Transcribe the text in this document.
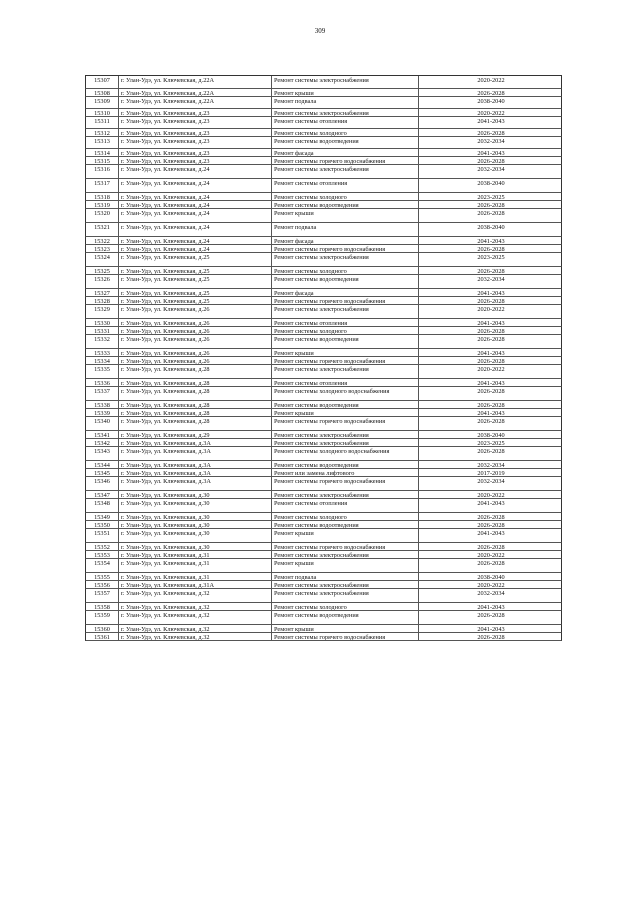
309
15307	г. Улан-Удэ, ул. Ключевская, д.22А	Ремонт системы электроснабжения	2020-2022
15308	г. Улан-Удэ, ул. Ключевская, д.22А	Ремонт крыши	2026-2028
15309	г. Улан-Удэ, ул. Ключевская, д.22А	Ремонт подвала	2038-2040
15310	г. Улан-Удэ, ул. Ключевская, д.23	Ремонт системы электроснабжения	2020-2022
15311	г. Улан-Удэ, ул. Ключевская, д.23	Ремонт системы отопления	2041-2043
15312	г. Улан-Удэ, ул. Ключевская, д.23	Ремонт системы холодного	2026-2028
15313	г. Улан-Удэ, ул. Ключевская, д.23	Ремонт системы водоотведения	2032-2034
15314	г. Улан-Удэ, ул. Ключевская, д.23	Ремонт фасада	2041-2043
15315	г. Улан-Удэ, ул. Ключевская, д.23	Ремонт системы горячего водоснабжения	2026-2028
15316	г. Улан-Удэ, ул. Ключевская, д.24	Ремонт системы электроснабжения	2032-2034
15317	г. Улан-Удэ, ул. Ключевская, д.24	Ремонт системы отопления	2038-2040
15318	г. Улан-Удэ, ул. Ключевская, д.24	Ремонт системы холодного	2023-2025
15319	г. Улан-Удэ, ул. Ключевская, д.24	Ремонт системы водоотведения	2026-2028
15320	г. Улан-Удэ, ул. Ключевская, д.24	Ремонт крыши	2026-2028
15321	г. Улан-Удэ, ул. Ключевская, д.24	Ремонт подвала	2038-2040
15322	г. Улан-Удэ, ул. Ключевская, д.24	Ремонт фасада	2041-2043
15323	г. Улан-Удэ, ул. Ключевская, д.24	Ремонт системы горячего водоснабжения	2026-2028
15324	г. Улан-Удэ, ул. Ключевская, д.25	Ремонт системы электроснабжения	2023-2025
15325	г. Улан-Удэ, ул. Ключевская, д.25	Ремонт системы холодного	2026-2028
15326	г. Улан-Удэ, ул. Ключевская, д.25	Ремонт системы водоотведения	2032-2034
15327	г. Улан-Удэ, ул. Ключевская, д.25	Ремонт фасада	2041-2043
15328	г. Улан-Удэ, ул. Ключевская, д.25	Ремонт системы горячего водоснабжения	2026-2028
15329	г. Улан-Удэ, ул. Ключевская, д.26	Ремонт системы электроснабжения	2020-2022
15330	г. Улан-Удэ, ул. Ключевская, д.26	Ремонт системы отопления	2041-2043
15331	г. Улан-Удэ, ул. Ключевская, д.26	Ремонт системы холодного	2026-2028
15332	г. Улан-Удэ, ул. Ключевская, д.26	Ремонт системы водоотведения	2026-2028
15333	г. Улан-Удэ, ул. Ключевская, д.26	Ремонт крыши	2041-2043
15334	г. Улан-Удэ, ул. Ключевская, д.26	Ремонт системы горячего водоснабжения	2026-2028
15335	г. Улан-Удэ, ул. Ключевская, д.28	Ремонт системы электроснабжения	2020-2022
15336	г. Улан-Удэ, ул. Ключевская, д.28	Ремонт системы отопления	2041-2043
15337	г. Улан-Удэ, ул. Ключевская, д.28	Ремонт системы холодного водоснабжения	2026-2028
15338	г. Улан-Удэ, ул. Ключевская, д.28	Ремонт системы водоотведения	2026-2028
15339	г. Улан-Удэ, ул. Ключевская, д.28	Ремонт крыши	2041-2043
15340	г. Улан-Удэ, ул. Ключевская, д.28	Ремонт системы горячего водоснабжения	2026-2028
15341	г. Улан-Удэ, ул. Ключевская, д.29	Ремонт системы электроснабжения	2038-2040
15342	г. Улан-Удэ, ул. Ключевская, д.3А	Ремонт системы электроснабжения	2023-2025
15343	г. Улан-Удэ, ул. Ключевская, д.3А	Ремонт системы холодного водоснабжения	2026-2028
15344	г. Улан-Удэ, ул. Ключевская, д.3А	Ремонт системы водоотведения	2032-2034
15345	г. Улан-Удэ, ул. Ключевская, д.3А	Ремонт или замена лифтового	2017-2019
15346	г. Улан-Удэ, ул. Ключевская, д.3А	Ремонт системы горячего водоснабжения	2032-2034
15347	г. Улан-Удэ, ул. Ключевская, д.30	Ремонт системы электроснабжения	2020-2022
15348	г. Улан-Удэ, ул. Ключевская, д.30	Ремонт системы отопления	2041-2043
15349	г. Улан-Удэ, ул. Ключевская, д.30	Ремонт системы холодного	2026-2028
15350	г. Улан-Удэ, ул. Ключевская, д.30	Ремонт системы водоотведения	2026-2028
15351	г. Улан-Удэ, ул. Ключевская, д.30	Ремонт крыши	2041-2043
15352	г. Улан-Удэ, ул. Ключевская, д.30	Ремонт системы горячего водоснабжения	2026-2028
15353	г. Улан-Удэ, ул. Ключевская, д.31	Ремонт системы электроснабжения	2020-2022
15354	г. Улан-Удэ, ул. Ключевская, д.31	Ремонт крыши	2026-2028
15355	г. Улан-Удэ, ул. Ключевская, д.31	Ремонт подвала	2038-2040
15356	г. Улан-Удэ, ул. Ключевская, д.31А	Ремонт системы электроснабжения	2020-2022
15357	г. Улан-Удэ, ул. Ключевская, д.32	Ремонт системы электроснабжения	2032-2034
15358	г. Улан-Удэ, ул. Ключевская, д.32	Ремонт системы холодного	2041-2043
15359	г. Улан-Удэ, ул. Ключевская, д.32	Ремонт системы водоотведения	2026-2028
15360	г. Улан-Удэ, ул. Ключевская, д.32	Ремонт крыши	2041-2043
15361	г. Улан-Удэ, ул. Ключевская, д.32	Ремонт системы горячего водоснабжения	2026-2028
